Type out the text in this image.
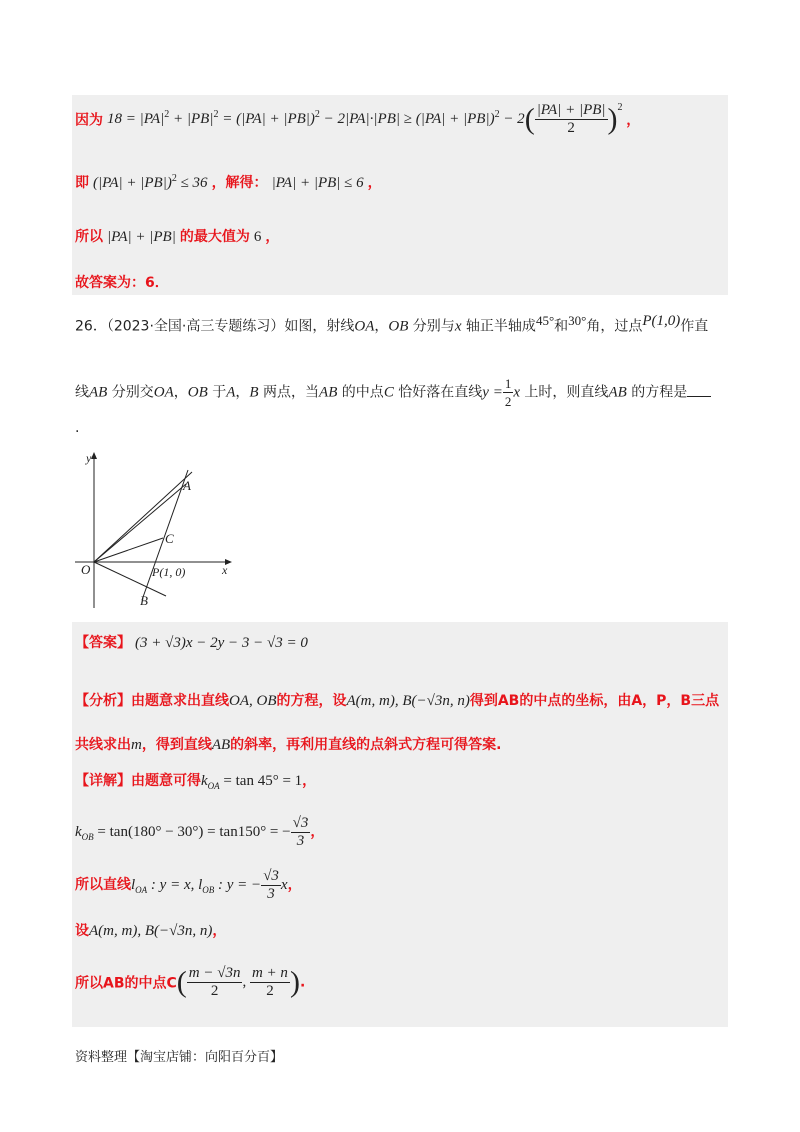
因为 $18 = |PA|^2 + |PB|^2 = (|PA| + |PB|)^2 - 2|PA|\cdot|PB| \ge (|PA| + |PB|)^2 - 2( \frac{|PA| + |PB|}{2} )^2$ ，
即 $(|PA| + |PB|)^2 \le 36$ ，解得： |PA| + |PB| ≤ 6 ，
所以 |PA| + |PB| 的最大值为 6 ，
故答案为：6．
26．（2023·全国·高三专题练习）如图，射线OA，OB 分别与x 轴正半轴成45°和30°角，过点P(1,0)作直
线AB 分别交OA，OB 于A，B 两点，当AB 的中点C 恰好落在直线$y = \frac{1}{2}$ x 上时，则直线AB 的方程是
.
y
x
O
A
C
P(1, 0)
B
【答案】 (3 + √3)x − 2y − 3 − √3 = 0
【分析】由题意求出直线OA, OB的方程，设A(m, m), B(−√3n, n)得到AB的中点的坐标，由A，P，B三点
共线求出m，得到直线AB的斜率，再利用直线的点斜式方程可得答案.
【详解】由题意可得$k_{OA} = \tan 45^\circ = 1$，
$k_{OB} = \tan(180^\circ - 30^\circ) = \tan 150^\circ$ = − $\frac{√3}{3}$ ，
所以直线$l_{OA}$ : y = x, $l_{OB}$ : y = − $\frac{√3}{3}$ x，
设A(m, m), B(−√3n, n)，
所以AB的中点$C( \frac{m - √3n}{2}$ , $\frac{m + n}{2}$ ).
资料整理【淘宝店铺：向阳百分百】
